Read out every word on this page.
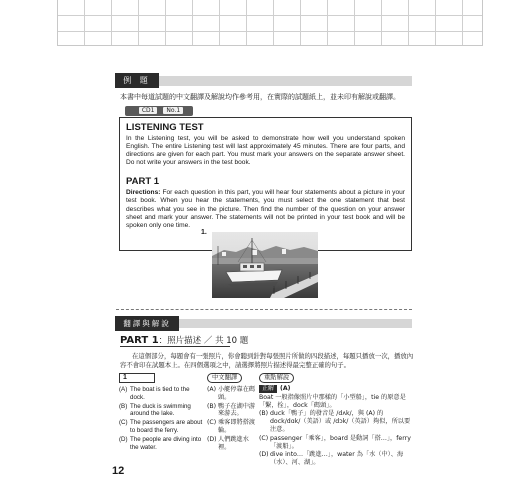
例 題
本書中每道試題的中文翻譯及解說均作參考用，在實際的試題紙上，並未印有解說或翻譯。
CD1 No.1
LISTENING TEST

In the Listening test, you will be asked to demonstrate how well you understand spoken English. The entire Listening test will last approximately 45 minutes. There are four parts, and directions are given for each part. You must mark your answers on the separate answer sheet. Do not write your answers in the test book.

PART 1

Directions: For each question in this part, you will hear four statements about a picture in your test book. When you hear the statements, you must select the one statement that best describes what you see in the picture. Then find the number of the question on your answer sheet and mark your answer. The statements will not be printed in your test book and will be spoken only one time.

1.
翻譯與解說
PART 1：照片描述 ／ 共 10 題
在這個部分，每題會有一張照片，你會聽到針對每張照片所做的四段描述，每題只播放一次，播放內
容不會印在試題本上。在四個選項之中，請選擇將照片描述得最完整正確的句子。
1	中文翻譯	重點解說
(A) The boat is tied to the dock.
(B) The duck is swimming around the lake.
(C) The passengers are about to board the ferry.
(D) The people are diving into the water.
(A) 小艇停靠在碼頭。
(B) 鴨子在湖中游來游去。
(C) 乘客即將搭渡輪。
(D) 人們跳進水裡。
正解 (A)
Boat 一般指像照片中那樣的「小型船」，tie 的原意是「繫，拴」，dock「碼頭」。
(B) duck「鴨子」的發音是 /dʌk/，與 (A) 的 dock/dɑk/（美語）或 /dɔk/（英語）夠似，所以要注意。
(C) passenger「乘客」，board 是動詞「搭…」，ferry「渡船」。
(D) dive into…「跳進…」，water 為「水（中）、海（水）、河、湖」。
12
